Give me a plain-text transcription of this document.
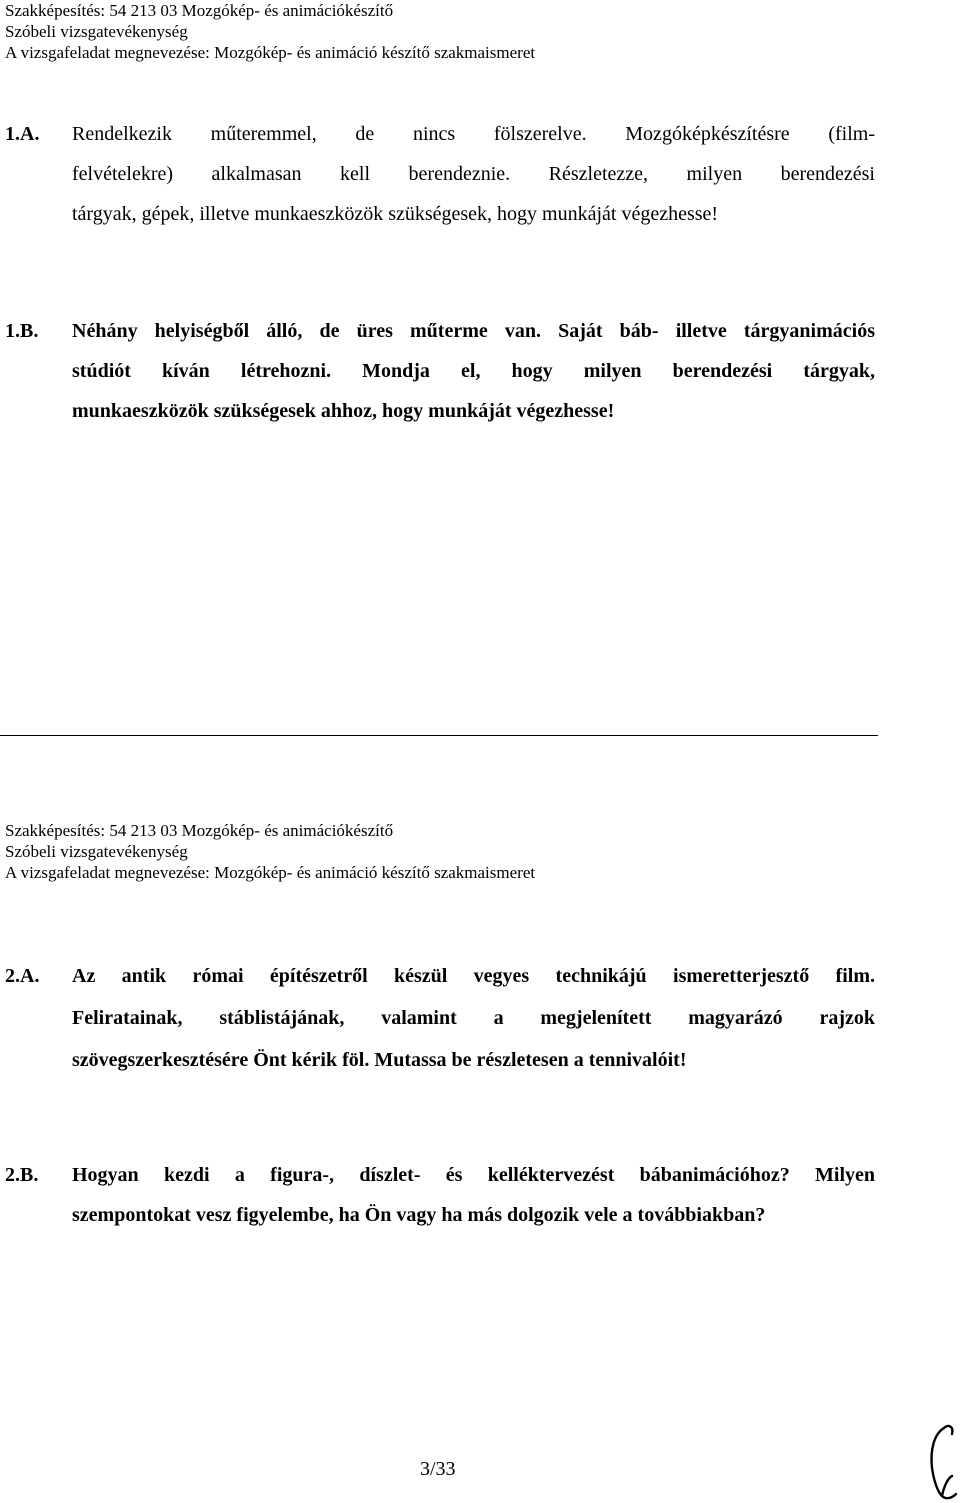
Szakképesítés: 54 213 03 Mozgókép- és animációkészítő
Szóbeli vizsgatevékenység
A vizsgafeladat megnevezése: Mozgókép- és animáció készítő szakmaismeret
1.A. Rendelkezik műteremmel, de nincs fölszerelve. Mozgóképkészítésre (film-
felvételekre) alkalmasan kell berendeznie. Részletezze, milyen berendezési
tárgyak, gépek, illetve munkaeszközök szükségesek, hogy munkáját végezhesse!
1.B. Néhány helyiségből álló, de üres műterme van. Saját báb- illetve tárgyanimációs
stúdiót kíván létrehozni. Mondja el, hogy milyen berendezési tárgyak,
munkaeszközök szükségesek ahhoz, hogy munkáját végezhesse!
Szakképesítés: 54 213 03 Mozgókép- és animációkészítő
Szóbeli vizsgatevékenység
A vizsgafeladat megnevezése: Mozgókép- és animáció készítő szakmaismeret
2.A. Az antik római építészetről készül vegyes technikájú ismeretterjesztő film.
Feliratainak, stáblistájának, valamint a megjelenített magyarázó rajzok
szövegszerkesztésére Önt kérik föl. Mutassa be részletesen a tennivalóit!
2.B. Hogyan kezdi a figura-, díszlet- és kelléktervezést bábanimációhoz? Milyen
szempontokat vesz figyelembe, ha Ön vagy ha más dolgozik vele a továbbiakban?
3/33
